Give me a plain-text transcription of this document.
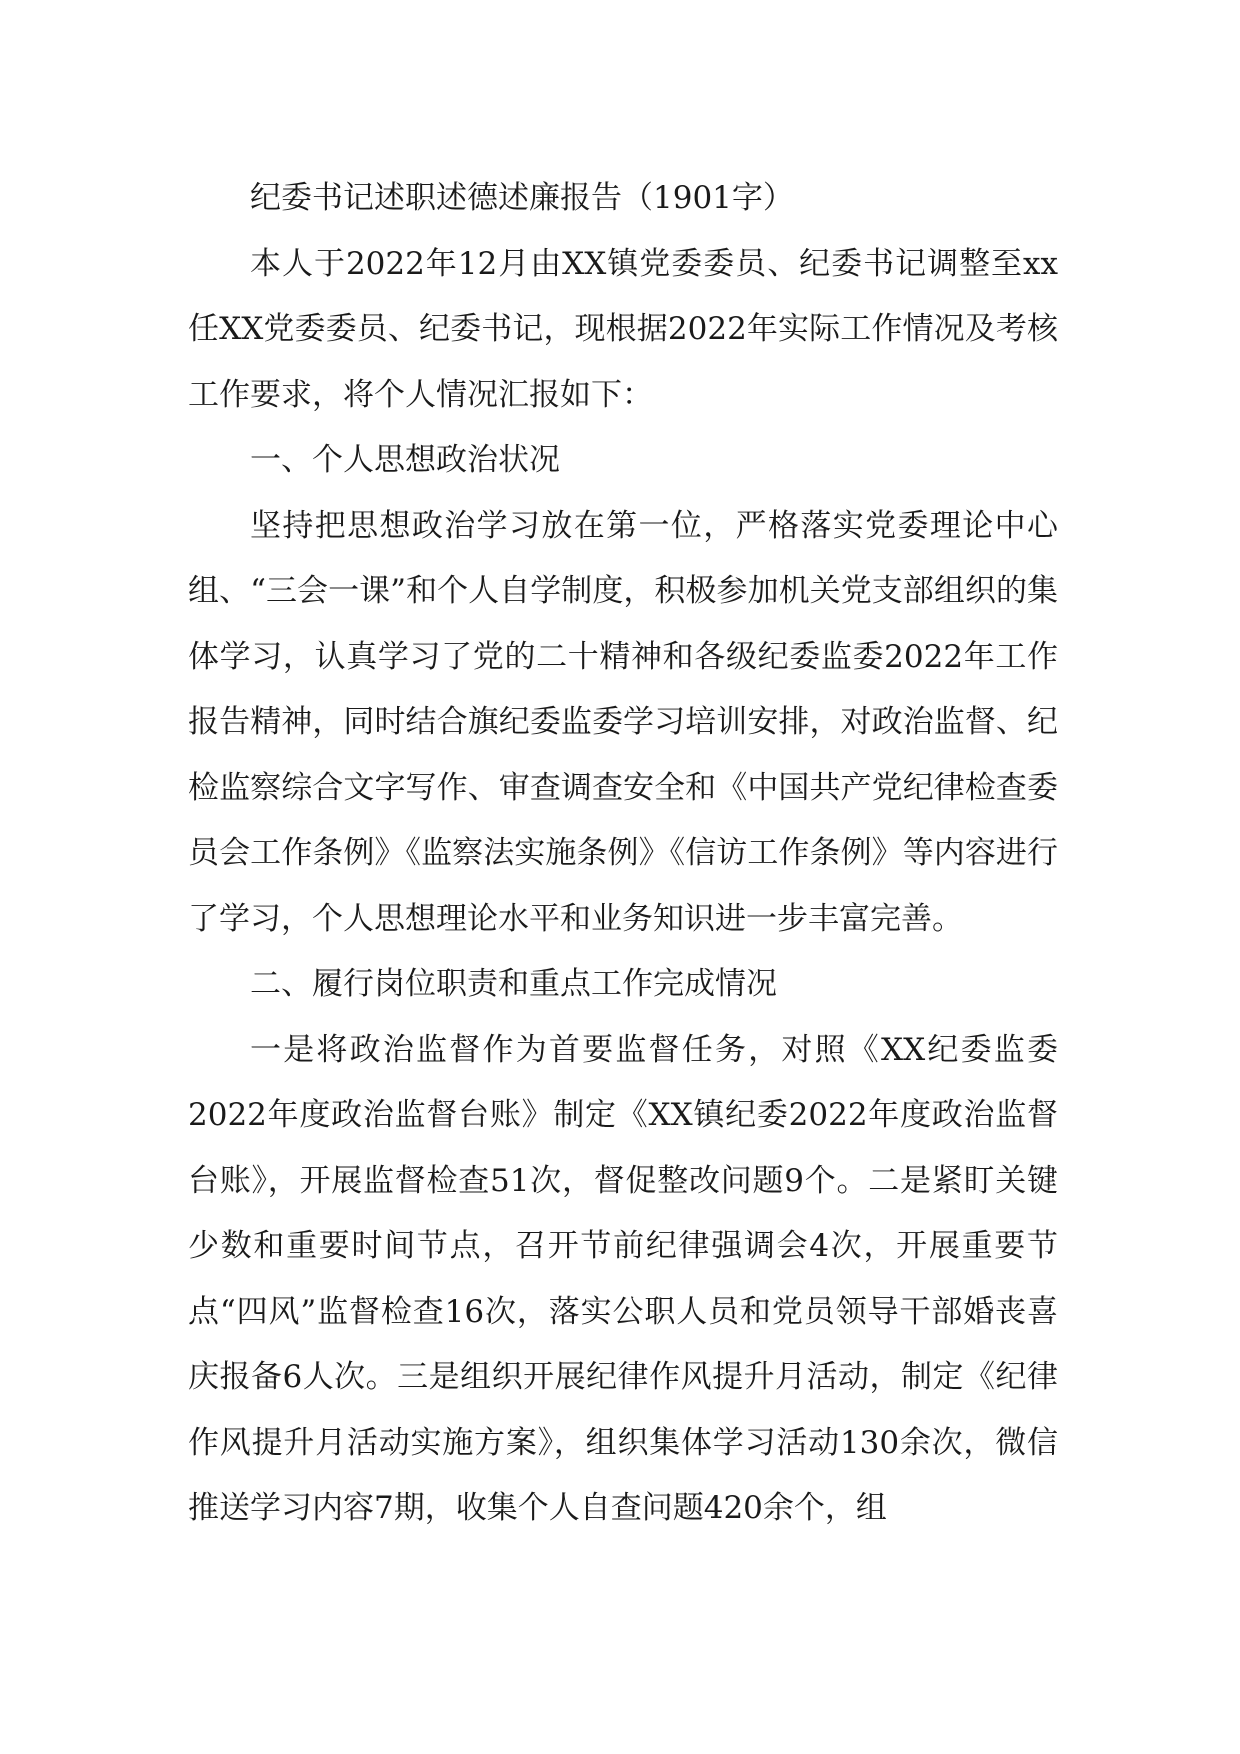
纪委书记述职述德述廉报告（1901字）

本人于2022年12月由XX镇党委委员、纪委书记调整至xx任XX党委委员、纪委书记，现根据2022年实际工作情况及考核工作要求，将个人情况汇报如下：

一、个人思想政治状况

坚持把思想政治学习放在第一位，严格落实党委理论中心组、“三会一课”和个人自学制度，积极参加机关党支部组织的集体学习，认真学习了党的二十精神和各级纪委监委2022年工作报告精神，同时结合旗纪委监委学习培训安排，对政治监督、纪检监察综合文字写作、审查调查安全和《中国共产党纪律检查委员会工作条例》《监察法实施条例》《信访工作条例》等内容进行了学习，个人思想理论水平和业务知识进一步丰富完善。

二、履行岗位职责和重点工作完成情况

一是将政治监督作为首要监督任务，对照《XX纪委监委2022年度政治监督台账》制定《XX镇纪委2022年度政治监督台账》，开展监督检查51次，督促整改问题9个。二是紧盯关键少数和重要时间节点，召开节前纪律强调会4次，开展重要节点“四风”监督检查16次，落实公职人员和党员领导干部婚丧喜庆报备6人次。三是组织开展纪律作风提升月活动，制定《纪律作风提升月活动实施方案》，组织集体学习活动130余次，微信推送学习内容7期，收集个人自查问题420余个，组
